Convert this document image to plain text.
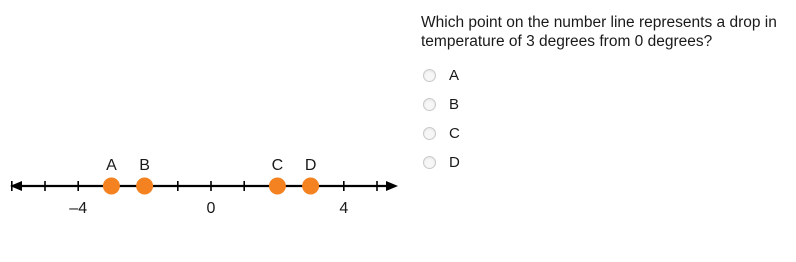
–4	0	4
A B	C D
Which point on the number line represents a drop in temperature of 3 degrees from 0 degrees?
A
B
C
D
